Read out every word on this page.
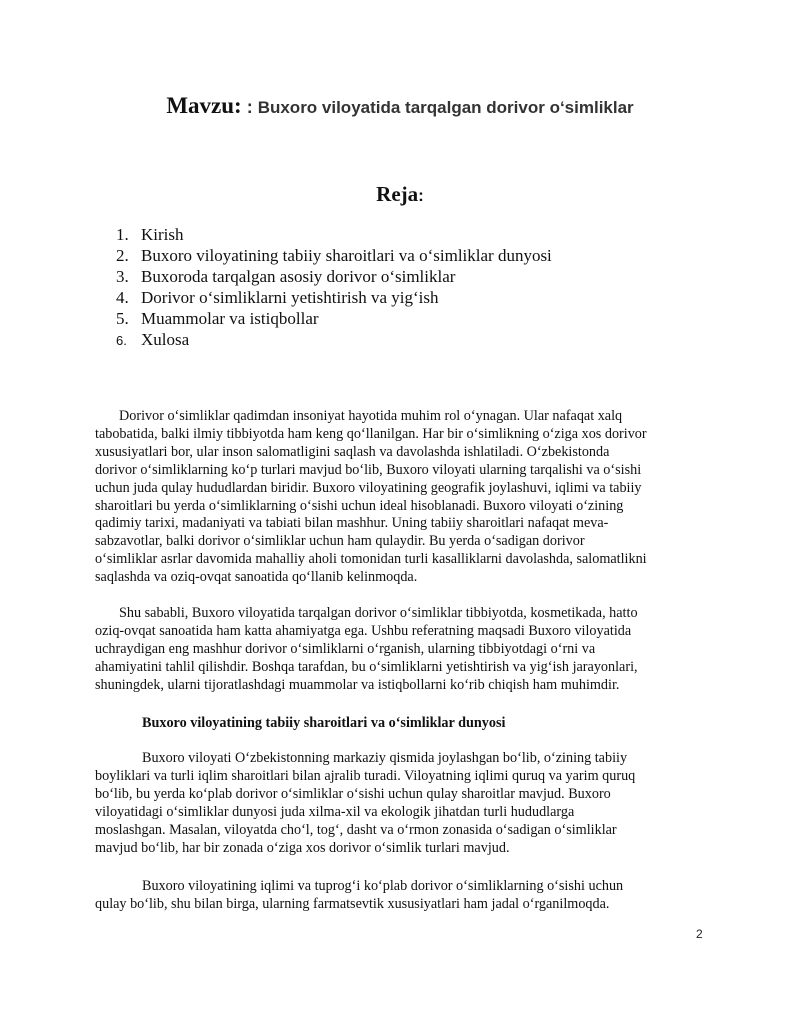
Mavzu: : Buxoro viloyatida tarqalgan dorivor o‘simliklar
Reja:
1. Kirish
2. Buxoro viloyatining tabiiy sharoitlari va o‘simliklar dunyosi
3. Buxoroda tarqalgan asosiy dorivor o‘simliklar
4. Dorivor o‘simliklarni yetishtirish va yig‘ish
5. Muammolar va istiqbollar
6. Xulosa

Dorivor o‘simliklar qadimdan insoniyat hayotida muhim rol o‘ynagan. Ular nafaqat xalq
tabobatida, balki ilmiy tibbiyotda ham keng qo‘llanilgan. Har bir o‘simlikning o‘ziga xos dorivor
xususiyatlari bor, ular inson salomatligini saqlash va davolashda ishlatiladi. O‘zbekistonda
dorivor o‘simliklarning ko‘p turlari mavjud bo‘lib, Buxoro viloyati ularning tarqalishi va o‘sishi
uchun juda qulay hududlardan biridir. Buxoro viloyatining geografik joylashuvi, iqlimi va tabiiy
sharoitlari bu yerda o‘simliklarning o‘sishi uchun ideal hisoblanadi. Buxoro viloyati o‘zining
qadimiy tarixi, madaniyati va tabiati bilan mashhur. Uning tabiiy sharoitlari nafaqat meva-
sabzavotlar, balki dorivor o‘simliklar uchun ham qulaydir. Bu yerda o‘sadigan dorivor
o‘simliklar asrlar davomida mahalliy aholi tomonidan turli kasalliklarni davolashda, salomatlikni
saqlashda va oziq-ovqat sanoatida qo‘llanib kelinmoqda.

Shu sababli, Buxoro viloyatida tarqalgan dorivor o‘simliklar tibbiyotda, kosmetikada, hatto
oziq-ovqat sanoatida ham katta ahamiyatga ega. Ushbu referatning maqsadi Buxoro viloyatida
uchraydigan eng mashhur dorivor o‘simliklarni o‘rganish, ularning tibbiyotdagi o‘rni va
ahamiyatini tahlil qilishdir. Boshqa tarafdan, bu o‘simliklarni yetishtirish va yig‘ish jarayonlari,
shuningdek, ularni tijoratlashdagi muammolar va istiqbollarni ko‘rib chiqish ham muhimdir.

Buxoro viloyatining tabiiy sharoitlari va o‘simliklar dunyosi

Buxoro viloyati O‘zbekistonning markaziy qismida joylashgan bo‘lib, o‘zining tabiiy
boyliklari va turli iqlim sharoitlari bilan ajralib turadi. Viloyatning iqlimi quruq va yarim quruq
bo‘lib, bu yerda ko‘plab dorivor o‘simliklar o‘sishi uchun qulay sharoitlar mavjud. Buxoro
viloyatidagi o‘simliklar dunyosi juda xilma-xil va ekologik jihatdan turli hududlarga
moslashgan. Masalan, viloyatda cho‘l, tog‘, dasht va o‘rmon zonasida o‘sadigan o‘simliklar
mavjud bo‘lib, har bir zonada o‘ziga xos dorivor o‘simlik turlari mavjud.

Buxoro viloyatining iqlimi va tuprog‘i ko‘plab dorivor o‘simliklarning o‘sishi uchun
qulay bo‘lib, shu bilan birga, ularning farmatsevtik xususiyatlari ham jadal o‘rganilmoqda.

2
